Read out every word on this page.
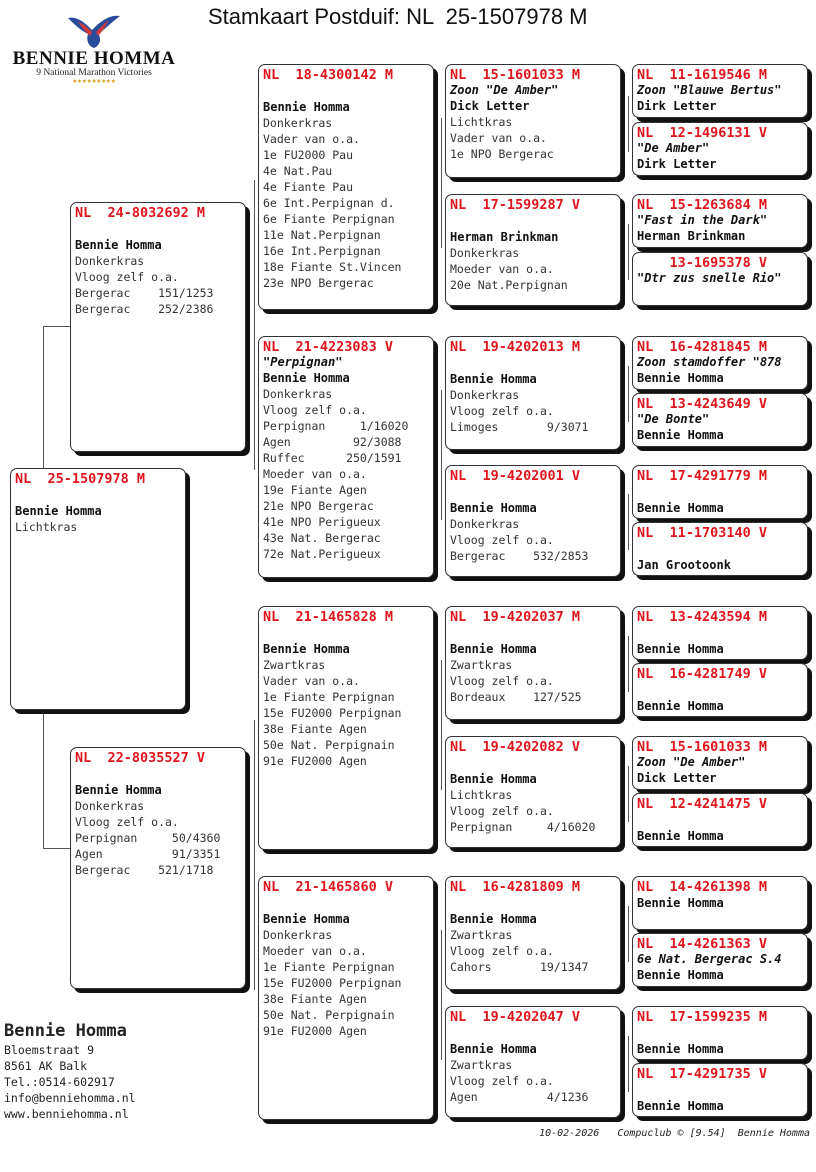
BENNIE HOMMA
9 National Marathon Victories
★★★★★★★★★
Stamkaart Postduif: NL  25-1507978 M
NL  25-1507978 M
Bennie Homma
Lichtkras
NL  24-8032692 M
Bennie Homma
Donkerkras
Vloog zelf o.a.
Bergerac    151/1253
Bergerac    252/2386
NL  22-8035527 V
Bennie Homma
Donkerkras
Vloog zelf o.a.
Perpignan     50/4360
Agen          91/3351
Bergerac    521/1718
NL  18-4300142 M
Bennie Homma
Donkerkras
Vader van o.a.
1e FU2000 Pau
4e Nat.Pau
4e Fiante Pau
6e Int.Perpignan d.
6e Fiante Perpignan
11e Nat.Perpignan
16e Int.Perpignan
18e Fiante St.Vincen
23e NPO Bergerac
NL  21-4223083 V
"Perpignan"
Bennie Homma
Donkerkras
Vloog zelf o.a.
Perpignan     1/16020
Agen         92/3088
Ruffec      250/1591
Moeder van o.a.
19e Fiante Agen
21e NPO Bergerac
41e NPO Perigueux
43e Nat. Bergerac
72e Nat.Perigueux
NL  21-1465828 M
Bennie Homma
Zwartkras
Vader van o.a.
1e Fiante Perpignan
15e FU2000 Perpignan
38e Fiante Agen
50e Nat. Perpignain
91e FU2000 Agen
NL  21-1465860 V
Bennie Homma
Donkerkras
Moeder van o.a.
1e Fiante Perpignan
15e FU2000 Perpignan
38e Fiante Agen
50e Nat. Perpignain
91e FU2000 Agen
NL  15-1601033 M
Zoon "De Amber"
Dick Letter
Lichtkras
Vader van o.a.
1e NPO Bergerac
NL  17-1599287 V
Herman Brinkman
Donkerkras
Moeder van o.a.
20e Nat.Perpignan
NL  19-4202013 M
Bennie Homma
Donkerkras
Vloog zelf o.a.
Limoges       9/3071
NL  19-4202001 V
Bennie Homma
Donkerkras
Vloog zelf o.a.
Bergerac    532/2853
NL  19-4202037 M
Bennie Homma
Zwartkras
Vloog zelf o.a.
Bordeaux    127/525
NL  19-4202082 V
Bennie Homma
Lichtkras
Vloog zelf o.a.
Perpignan     4/16020
NL  16-4281809 M
Bennie Homma
Zwartkras
Vloog zelf o.a.
Cahors       19/1347
NL  19-4202047 V
Bennie Homma
Zwartkras
Vloog zelf o.a.
Agen          4/1236
NL  11-1619546 M
Zoon "Blauwe Bertus"
Dirk Letter
NL  12-1496131 V
"De Amber"
Dirk Letter
NL  15-1263684 M
"Fast in the Dark"
Herman Brinkman
13-1695378 V
"Dtr zus snelle Rio"
NL  16-4281845 M
Zoon stamdoffer "878
Bennie Homma
NL  13-4243649 V
"De Bonte"
Bennie Homma
NL  17-4291779 M
Bennie Homma
NL  11-1703140 V
Jan Grootoonk
NL  13-4243594 M
Bennie Homma
NL  16-4281749 V
Bennie Homma
NL  15-1601033 M
Zoon "De Amber"
Dick Letter
NL  12-4241475 V
Bennie Homma
NL  14-4261398 M
Bennie Homma
NL  14-4261363 V
6e Nat. Bergerac S.4
Bennie Homma
NL  17-1599235 M
Bennie Homma
NL  17-4291735 V
Bennie Homma
Bennie Homma
Bloemstraat 9
8561 AK Balk
Tel.:0514-602917
info@benniehomma.nl
www.benniehomma.nl
10-02-2026   Compuclub © [9.54]  Bennie Homma
